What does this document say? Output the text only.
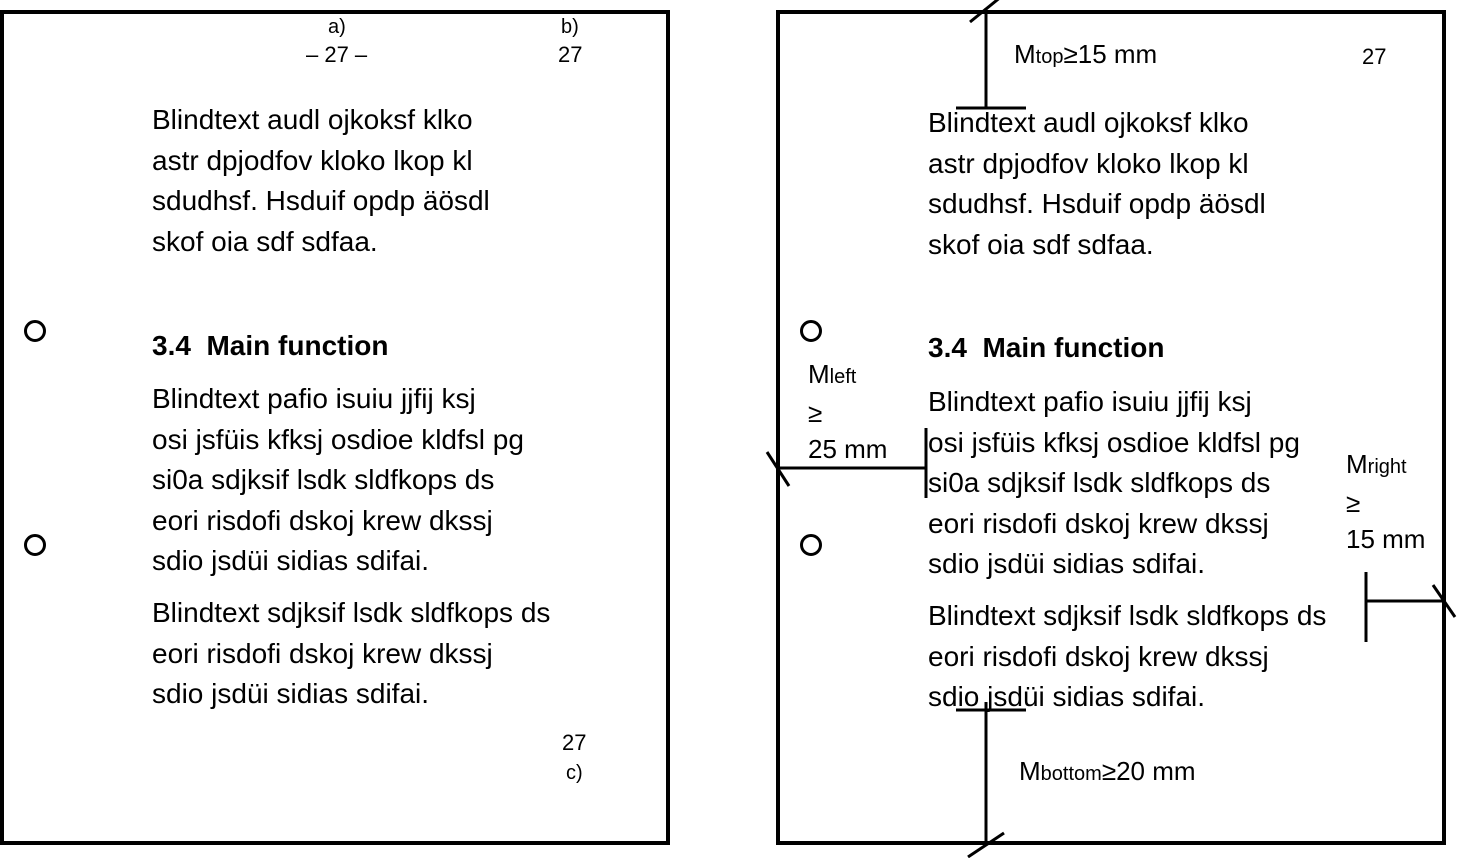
a)	b)
– 27 –	27
Blindtext audl ojkoksf klko
astr dpjodfov kloko lkop kl
sdudhsf. Hsduif opdp äösdl
skof oia sdf sdfaa.
3.4  Main function
Blindtext pafio isuiu jjfij ksj
osi jsfüis kfksj osdioe kldfsl pg
si0a sdjksif lsdk sldfkops ds
eori risdofi dskoj krew dkssj
sdio jsdüi sidias sdifai.
Blindtext sdjksif lsdk sldfkops ds
eori risdofi dskoj krew dkssj
sdio jsdüi sidias sdifai.
27
c)
27
Blindtext audl ojkoksf klko
astr dpjodfov kloko lkop kl
sdudhsf. Hsduif opdp äösdl
skof oia sdf sdfaa.
3.4  Main function
Blindtext pafio isuiu jjfij ksj
osi jsfüis kfksj osdioe kldfsl pg
si0a sdjksif lsdk sldfkops ds
eori risdofi dskoj krew dkssj
sdio jsdüi sidias sdifai.
Blindtext sdjksif lsdk sldfkops ds
eori risdofi dskoj krew dkssj
sdio jsdüi sidias sdifai.
Mtop≥15 mm
Mleft
≥
25 mm	Mright
≥
15 mm
Mbottom≥20 mm
